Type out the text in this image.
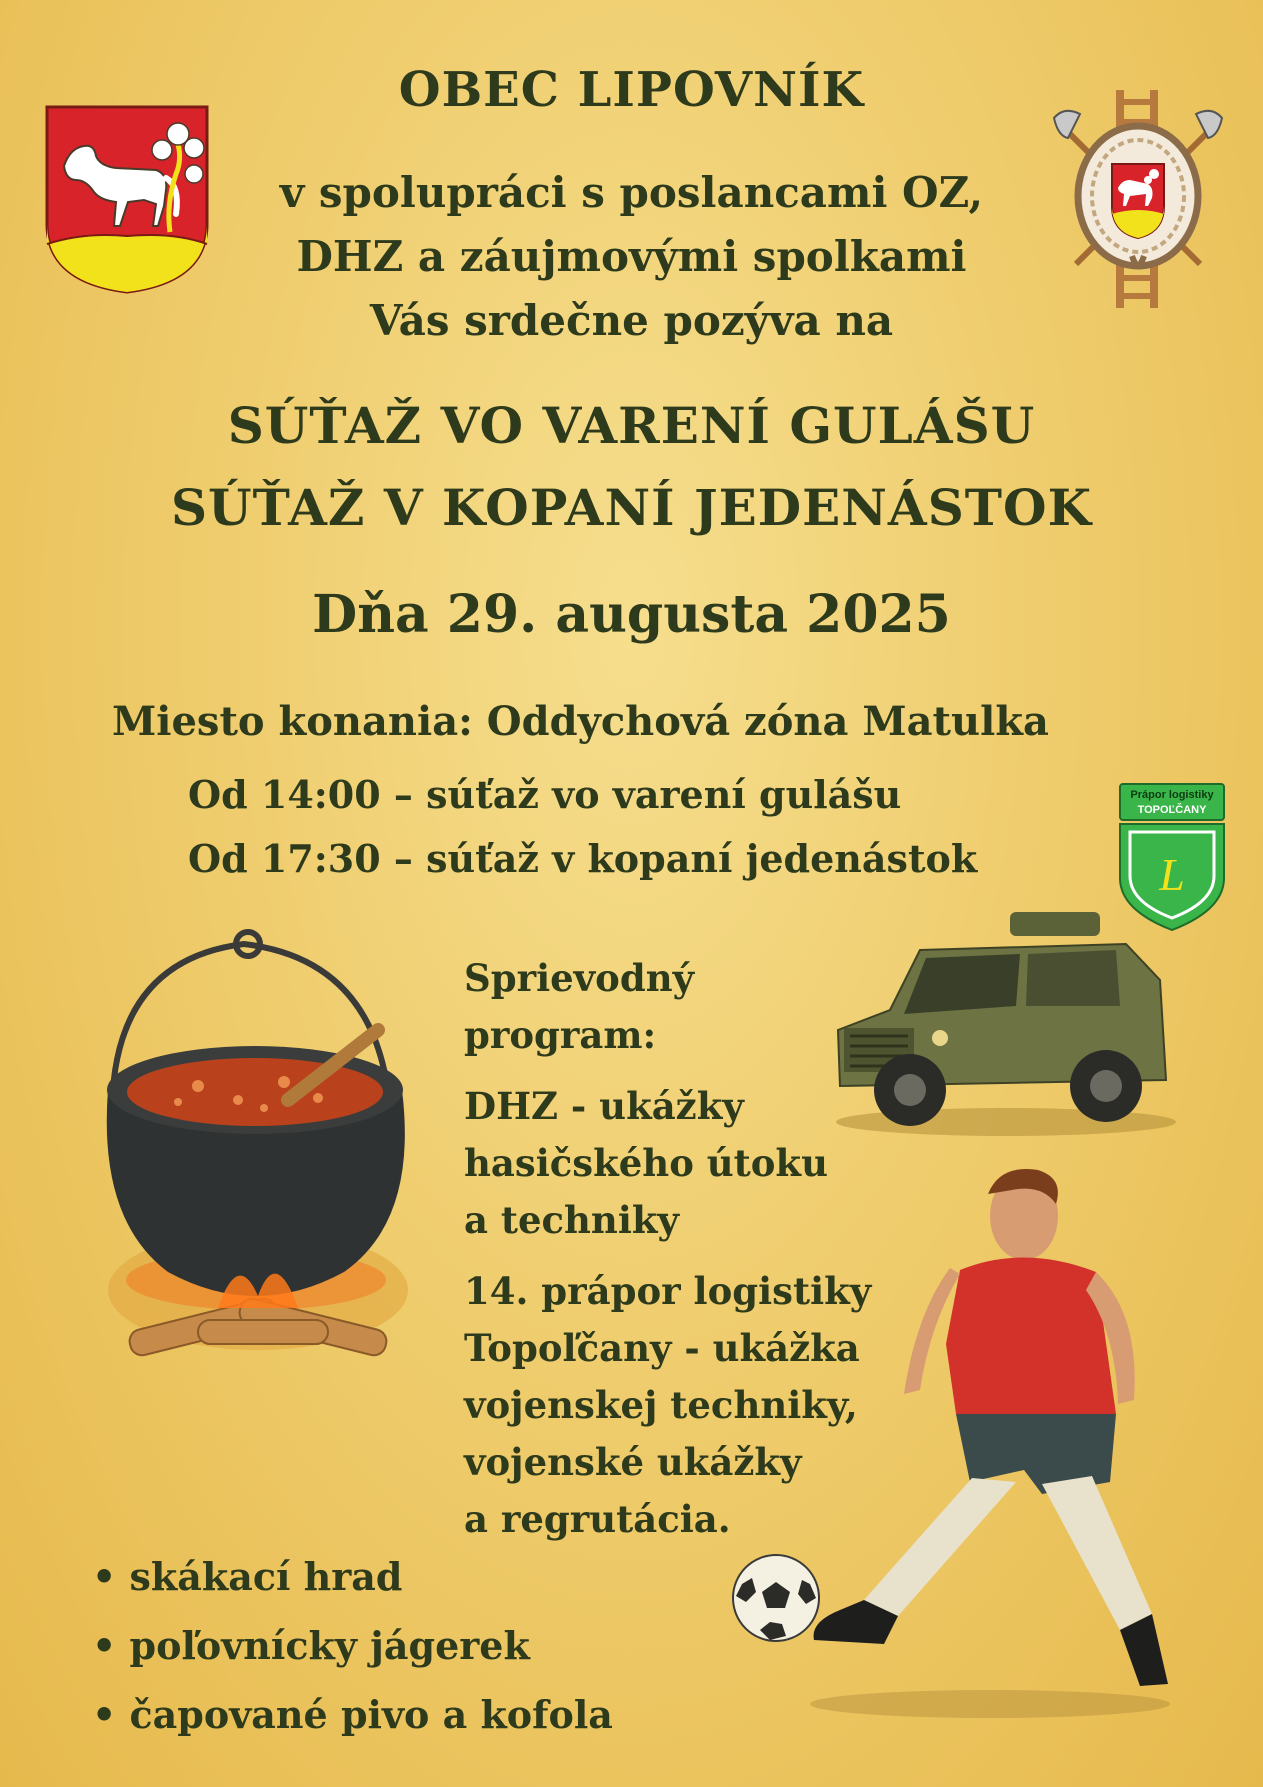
OBEC LIPOVNÍK
v spolupráci s poslancami OZ,
DHZ a záujmovými spolkami
Vás srdečne pozýva na
SÚŤAŽ VO VARENÍ GULÁŠU
SÚŤAŽ V KOPANÍ JEDENÁSTOK
Dňa 29. augusta 2025
Miesto konania: Oddychová zóna Matulka
Od 14:00 – súťaž vo varení gulášu
Od 17:30 – súťaž v kopaní jedenástok
Prápor logistiky
TOPOĽČANY
L
Sprievodný
program:
DHZ - ukážky
hasičského útoku
a techniky
14. prápor logistiky
Topoľčany - ukážka
vojenskej techniky,
vojenské ukážky
a regrutácia.
• skákací hrad
• poľovnícky jágerek
• čapované pivo a kofola
